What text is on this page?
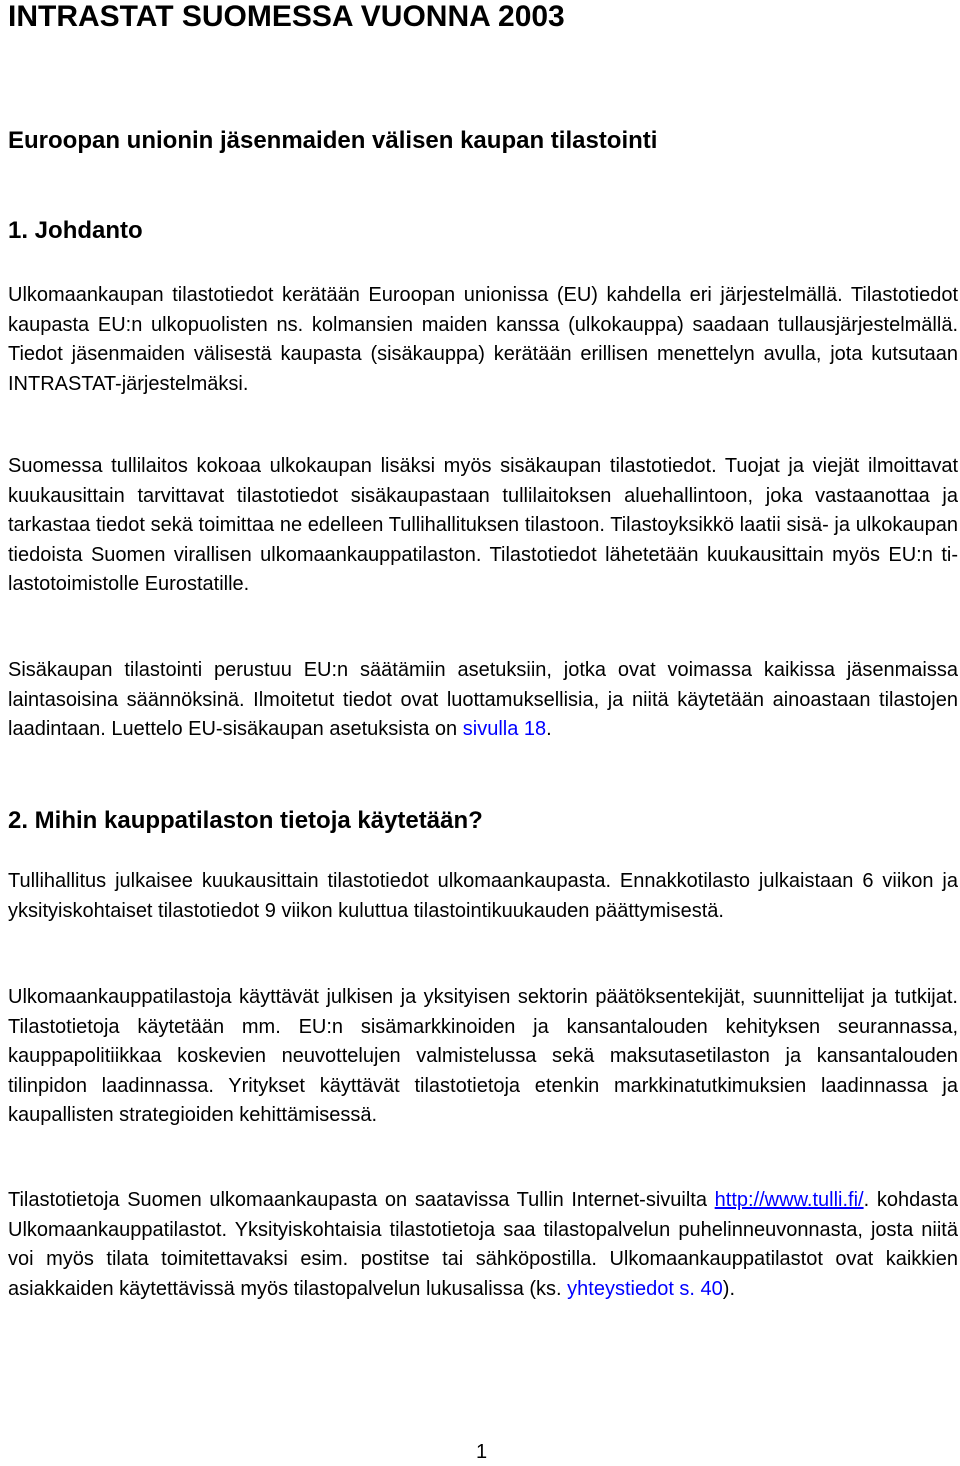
INTRASTAT SUOMESSA VUONNA 2003
Euroopan unionin jäsenmaiden välisen kaupan tilastointi
1. Johdanto

Ulkomaankaupan tilastotiedot kerätään Euroopan unionissa (EU) kahdella eri järjestelmällä. Tilastotiedot kaupasta EU:n ulkopuolisten ns. kolmansien maiden kanssa (ulkokauppa) saadaan tullausjärjestelmällä. Tiedot jäsenmaiden välisestä kaupasta (sisäkauppa) kerätään erillisen menettelyn avulla, jota kutsutaan INTRASTAT-järjestelmäksi.

Suomessa tullilaitos kokoaa ulkokaupan lisäksi myös sisäkaupan tilastotiedot. Tuojat ja viejät ilmoittavat kuukausittain tarvittavat tilastotiedot sisäkaupastaan tullilaitoksen aluehallintoon, joka vastaanottaa ja tarkastaa tiedot sekä toimittaa ne edelleen Tullihallituksen tilastoon. Tilastoyksikkö laatii sisä- ja ulkokaupan tiedoista Suomen virallisen ulkomaankauppatilaston. Tilastotiedot lähetetään kuukausittain myös EU:n tilastotoimistolle Eurostatille.

Sisäkaupan tilastointi perustuu EU:n säätämiin asetuksiin, jotka ovat voimassa kaikissa jäsenmaissa laintasoisina säännöksinä. Ilmoitetut tiedot ovat luottamuksellisia, ja niitä käytetään ainoastaan tilastojen laadintaan. Luettelo EU-sisäkaupan asetuksista on sivulla 18.

2. Mihin kauppatilaston tietoja käytetään?

Tullihallitus julkaisee kuukausittain tilastotiedot ulkomaankaupasta. Ennakkotilasto julkaistaan 6 viikon ja yksityiskohtaiset tilastotiedot 9 viikon kuluttua tilastointikuukauden päättymisestä.

Ulkomaankauppatilastoja käyttävät julkisen ja yksityisen sektorin päätöksentekijät, suunnittelijat ja tutkijat. Tilastotietoja käytetään mm. EU:n sisämarkkinoiden ja kansantalouden kehityksen seurannassa, kauppapolitiikkaa koskevien neuvottelujen valmistelussa sekä maksutasetilaston ja kansantalouden tilinpidon laadinnassa. Yritykset käyttävät tilastotietoja etenkin markkinatutkimuksien laadinnassa ja kaupallisten strategioiden kehittämisessä.

Tilastotietoja Suomen ulkomaankaupasta on saatavissa Tullin Internet-sivuilta http://www.tulli.fi/. kohdasta Ulkomaankauppatilastot. Yksityiskohtaisia tilastotietoja saa tilastopalvelun puhelinneuvonnasta, josta niitä voi myös tilata toimitettavaksi esim. postitse tai sähköpostilla. Ulkomaankauppatilastot ovat kaikkien asiakkaiden käytettävissä myös tilastopalvelun lukusalissa (ks. yhteystiedot s. 40).

1
